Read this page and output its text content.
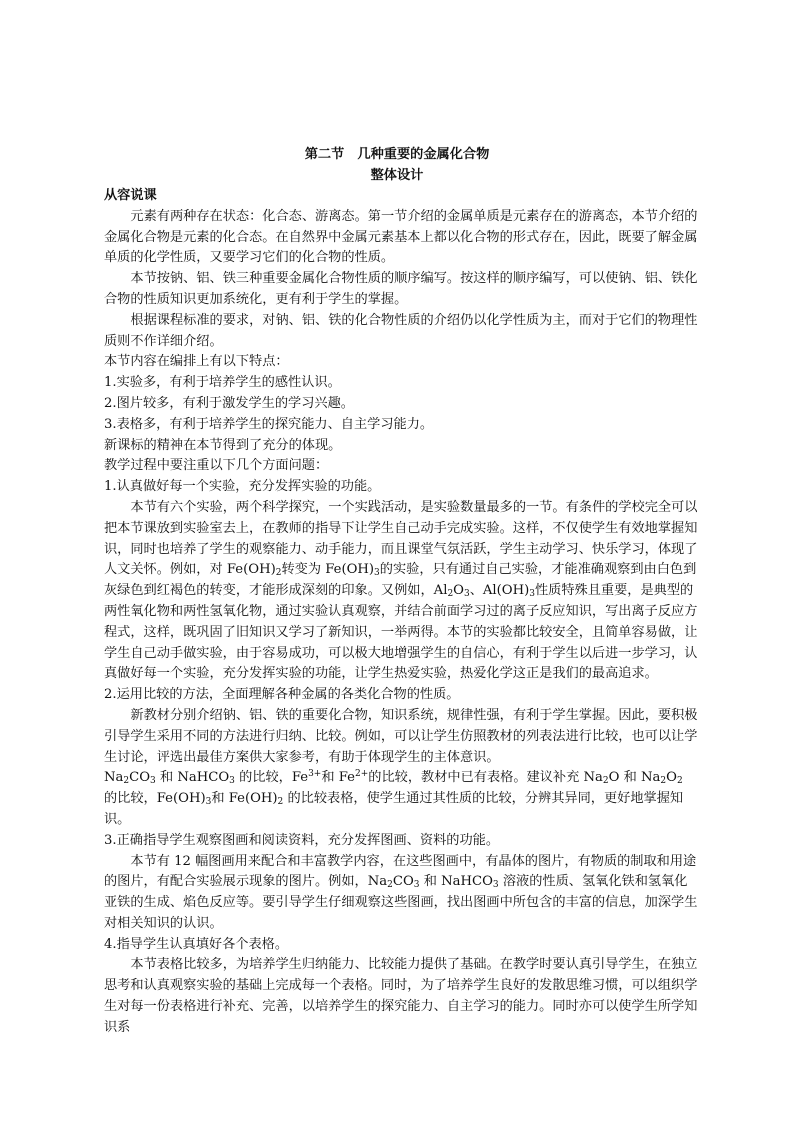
第二节　几种重要的金属化合物
整体设计

从容说课

元素有两种存在状态：化合态、游离态。第一节介绍的金属单质是元素存在的游离态，本节介绍的金属化合物是元素的化合态。在自然界中金属元素基本上都以化合物的形式存在，因此，既要了解金属单质的化学性质，又要学习它们的化合物的性质。

本节按钠、铝、铁三种重要金属化合物性质的顺序编写。按这样的顺序编写，可以使钠、铝、铁化合物的性质知识更加系统化，更有利于学生的掌握。

根据课程标准的要求，对钠、铝、铁的化合物性质的介绍仍以化学性质为主，而对于它们的物理性质则不作详细介绍。

本节内容在编排上有以下特点：

1.实验多，有利于培养学生的感性认识。

2.图片较多，有利于激发学生的学习兴趣。

3.表格多，有利于培养学生的探究能力、自主学习能力。

新课标的精神在本节得到了充分的体现。

教学过程中要注重以下几个方面问题：

1.认真做好每一个实验，充分发挥实验的功能。

本节有六个实验，两个科学探究，一个实践活动，是实验数量最多的一节。有条件的学校完全可以把本节课放到实验室去上，在教师的指导下让学生自己动手完成实验。这样，不仅使学生有效地掌握知识，同时也培养了学生的观察能力、动手能力，而且课堂气氛活跃，学生主动学习、快乐学习，体现了人文关怀。例如，对 $Fe(OH)_2$转变为 $Fe(OH)_3$的实验，只有通过自己实验，才能准确观察到由白色到灰绿色到红褐色的转变，才能形成深刻的印象。又例如，$Al_2O_3$、$Al(OH)_3$性质特殊且重要，是典型的两性氧化物和两性氢氧化物，通过实验认真观察，并结合前面学习过的离子反应知识，写出离子反应方程式，这样，既巩固了旧知识又学习了新知识，一举两得。本节的实验都比较安全，且简单容易做，让学生自己动手做实验，由于容易成功，可以极大地增强学生的自信心，有利于学生以后进一步学习，认真做好每一个实验，充分发挥实验的功能，让学生热爱实验，热爱化学这正是我们的最高追求。

2.运用比较的方法，全面理解各种金属的各类化合物的性质。

新教材分别介绍钠、铝、铁的重要化合物，知识系统，规律性强，有利于学生掌握。因此，要积极引导学生采用不同的方法进行归纳、比较。例如，可以让学生仿照教材的列表法进行比较，也可以让学生讨论，评选出最佳方案供大家参考，有助于体现学生的主体意识。

$Na_2CO_3$ 和 NaHCO$_3$ 的比较，$Fe^{3+}$和 $Fe^{2+}$的比较，教材中已有表格。建议补充 $Na_2O$ 和 $Na_2O_2$ 的比较，$Fe(OH)_3$和 $Fe(OH)_2$ 的比较表格，使学生通过其性质的比较，分辨其异同，更好地掌握知识。

3.正确指导学生观察图画和阅读资料，充分发挥图画、资料的功能。

本节有 12 幅图画用来配合和丰富教学内容，在这些图画中，有晶体的图片，有物质的制取和用途的图片，有配合实验展示现象的图片。例如，$Na_2CO_3$ 和 NaHCO$_3$ 溶液的性质、氢氧化铁和氢氧化亚铁的生成、焰色反应等。要引导学生仔细观察这些图画，找出图画中所包含的丰富的信息，加深学生对相关知识的认识。

4.指导学生认真填好各个表格。

本节表格比较多，为培养学生归纳能力、比较能力提供了基础。在教学时要认真引导学生，在独立思考和认真观察实验的基础上完成每一个表格。同时，为了培养学生良好的发散思维习惯，可以组织学生对每一份表格进行补充、完善，以培养学生的探究能力、自主学习的能力。同时亦可以使学生所学知识系
